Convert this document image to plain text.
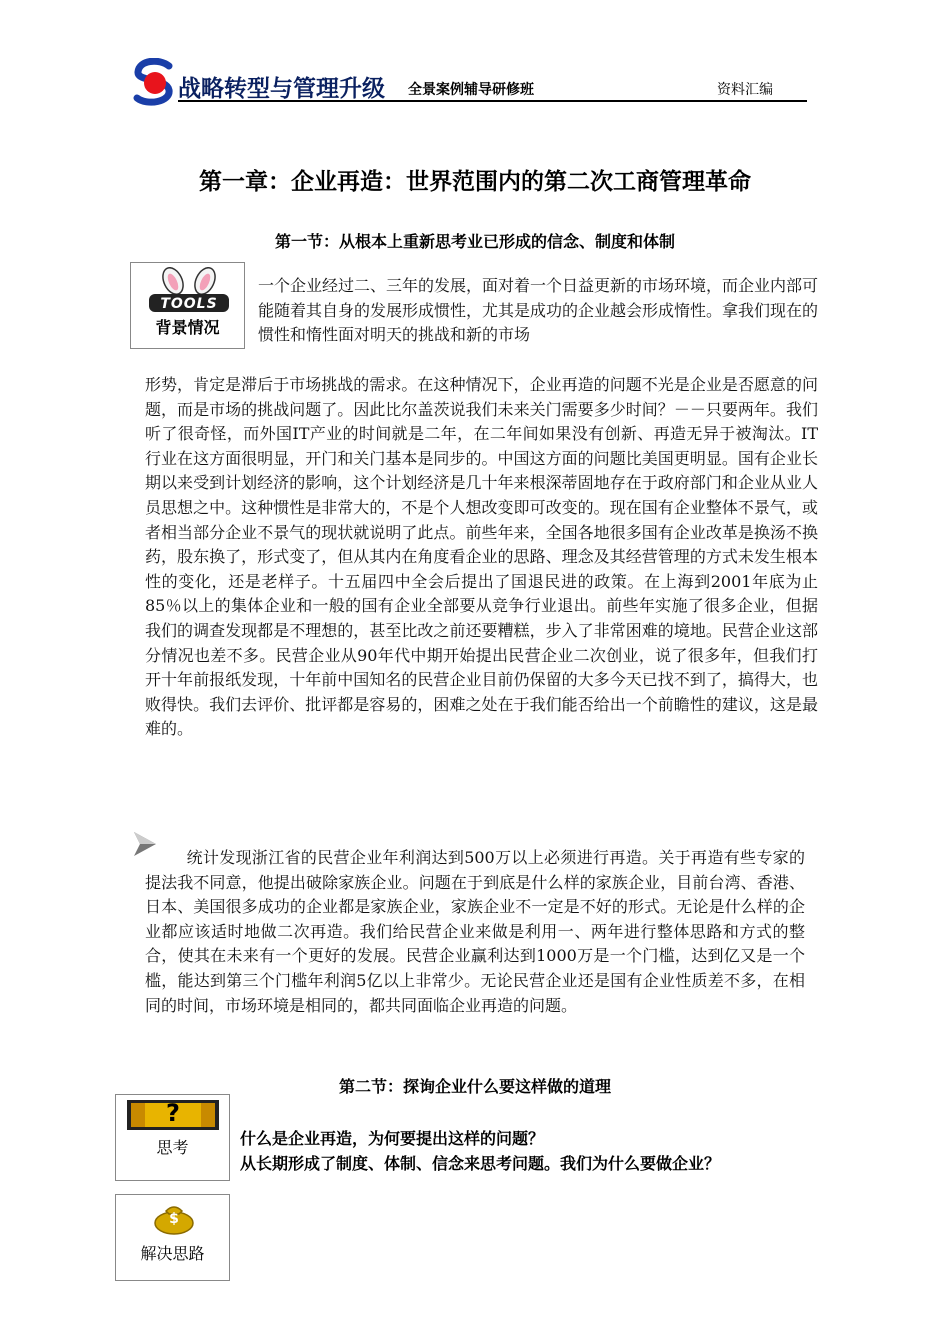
战略转型与管理升级 全景案例辅导研修班	资料汇编
第一章：企业再造：世界范围内的第二次工商管理革命
第一节：从根本上重新思考业已形成的信念、制度和体制
TOOLS
背景情况
一个企业经过二、三年的发展，面对着一个日益更新的市场环境，而企业内部可能随着其自身的发展形成惯性，尤其是成功的企业越会形成惰性。拿我们现在的惯性和惰性面对明天的挑战和新的市场
形势，肯定是滞后于市场挑战的需求。在这种情况下，企业再造的问题不光是企业是否愿意的问题，而是市场的挑战问题了。因此比尔盖茨说我们未来关门需要多少时间？－－只要两年。我们听了很奇怪，而外国IT产业的时间就是二年，在二年间如果没有创新、再造无异于被淘汰。IT行业在这方面很明显，开门和关门基本是同步的。中国这方面的问题比美国更明显。国有企业长期以来受到计划经济的影响，这个计划经济是几十年来根深蒂固地存在于政府部门和企业从业人员思想之中。这种惯性是非常大的，不是个人想改变即可改变的。现在国有企业整体不景气，或者相当部分企业不景气的现状就说明了此点。前些年来，全国各地很多国有企业改革是换汤不换药，股东换了，形式变了，但从其内在角度看企业的思路、理念及其经营管理的方式未发生根本性的变化，还是老样子。十五届四中全会后提出了国退民进的政策。在上海到2001年底为止85％以上的集体企业和一般的国有企业全部要从竞争行业退出。前些年实施了很多企业，但据我们的调查发现都是不理想的，甚至比改之前还要糟糕，步入了非常困难的境地。民营企业这部分情况也差不多。民营企业从90年代中期开始提出民营企业二次创业，说了很多年，但我们打开十年前报纸发现，十年前中国知名的民营企业目前仍保留的大多今天已找不到了，搞得大，也败得快。我们去评价、批评都是容易的，困难之处在于我们能否给出一个前瞻性的建议，这是最难的。
统计发现浙江省的民营企业年利润达到500万以上必须进行再造。关于再造有些专家的提法我不同意，他提出破除家族企业。问题在于到底是什么样的家族企业，目前台湾、香港、日本、美国很多成功的企业都是家族企业，家族企业不一定是不好的形式。无论是什么样的企业都应该适时地做二次再造。我们给民营企业来做是利用一、两年进行整体思路和方式的整合，使其在未来有一个更好的发展。民营企业赢利达到1000万是一个门槛，达到亿又是一个槛，能达到第三个门槛年利润5亿以上非常少。无论民营企业还是国有企业性质差不多，在相同的时间，市场环境是相同的，都共同面临企业再造的问题。
第二节：探询企业什么要这样做的道理
?
思考	什么是企业再造，为何要提出这样的问题？
从长期形成了制度、体制、信念来思考问题。我们为什么要做企业？
$
解决思路
